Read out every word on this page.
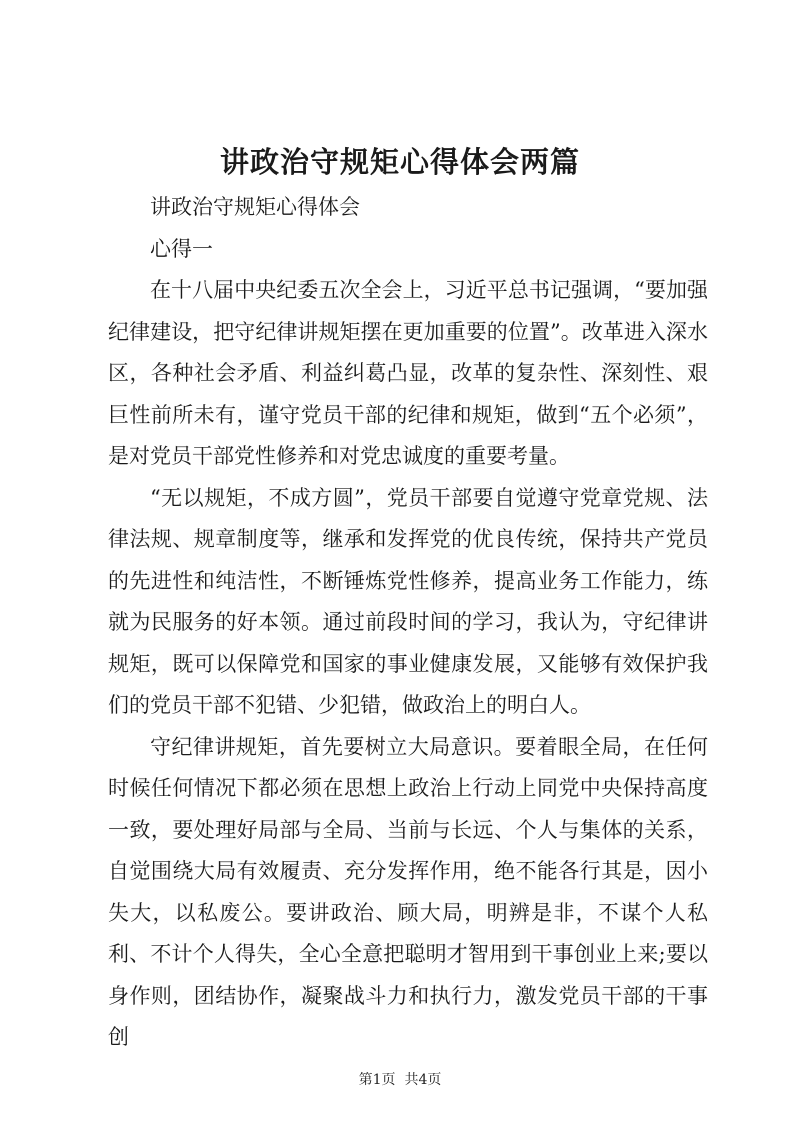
讲政治守规矩心得体会两篇

讲政治守规矩心得体会

心得一

在十八届中央纪委五次全会上，习近平总书记强调，“要加强纪律建设，把守纪律讲规矩摆在更加重要的位置”。改革进入深水区，各种社会矛盾、利益纠葛凸显，改革的复杂性、深刻性、艰巨性前所未有，谨守党员干部的纪律和规矩，做到“五个必须”，是对党员干部党性修养和对党忠诚度的重要考量。

“无以规矩，不成方圆”，党员干部要自觉遵守党章党规、法律法规、规章制度等，继承和发挥党的优良传统，保持共产党员的先进性和纯洁性，不断锤炼党性修养，提高业务工作能力，练就为民服务的好本领。通过前段时间的学习，我认为，守纪律讲规矩，既可以保障党和国家的事业健康发展，又能够有效保护我们的党员干部不犯错、少犯错，做政治上的明白人。

守纪律讲规矩，首先要树立大局意识。要着眼全局，在任何时候任何情况下都必须在思想上政治上行动上同党中央保持高度一致，要处理好局部与全局、当前与长远、个人与集体的关系，自觉围绕大局有效履责、充分发挥作用，绝不能各行其是，因小失大，以私废公。要讲政治、顾大局，明辨是非，不谋个人私利、不计个人得失，全心全意把聪明才智用到干事创业上来;要以身作则，团结协作，凝聚战斗力和执行力，激发党员干部的干事创

第1页  共4页
